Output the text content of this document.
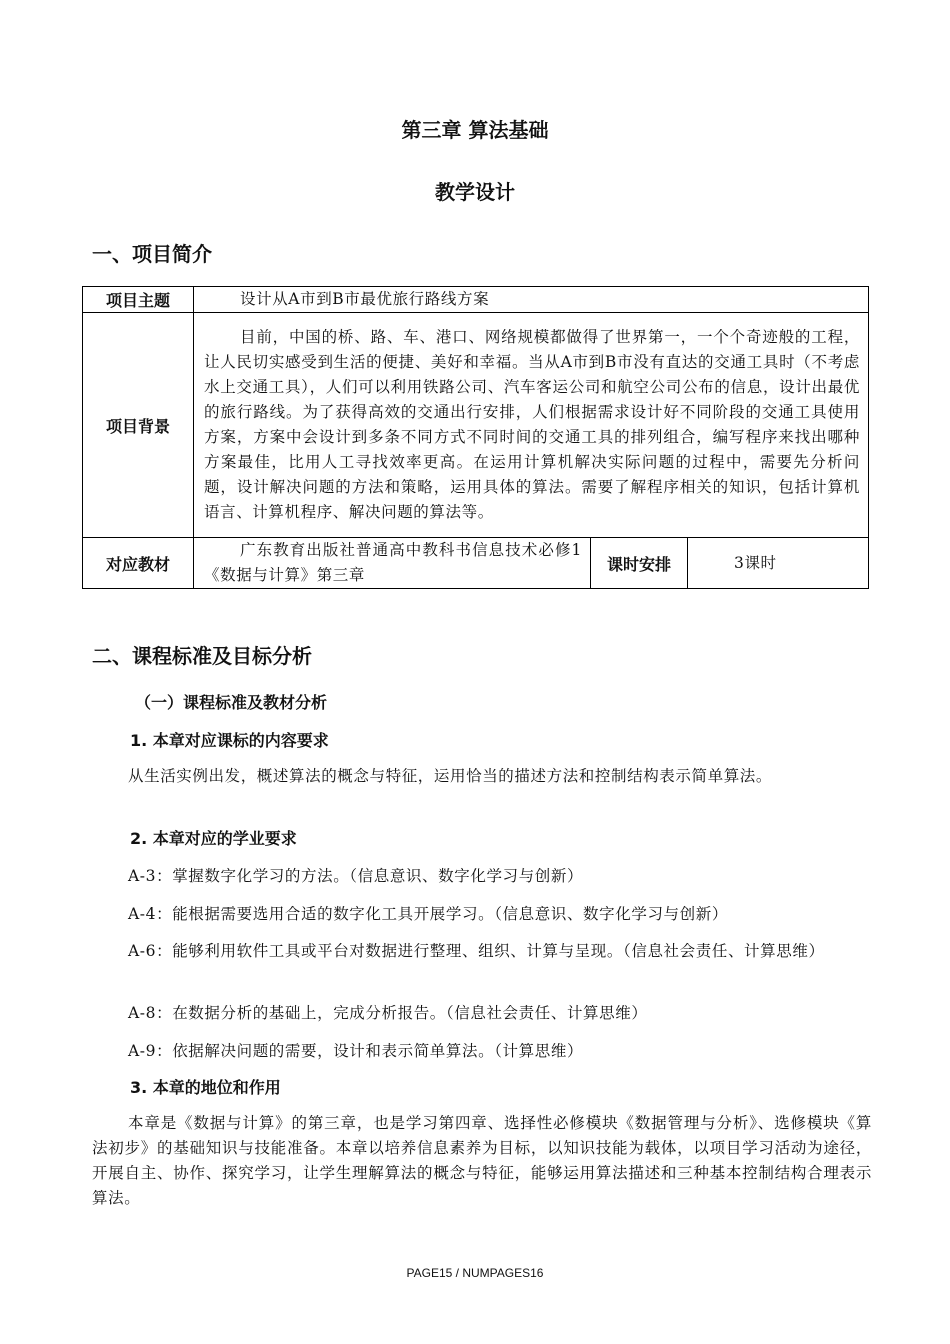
第三章 算法基础
教学设计
一、项目简介
项目主题	设计从A市到B市最优旅行路线方案		

项目背景	目前，中国的桥、路、车、港口、网络规模都做得了世界第一，一个个奇迹般的工程，让人民切实感受到生活的便捷、美好和幸福。当从A市到B市没有直达的交通工具时（不考虑水上交通工具），人们可以利用铁路公司、汽车客运公司和航空公司公布的信息，设计出最优的旅行路线。为了获得高效的交通出行安排，人们根据需求设计好不同阶段的交通工具使用方案，方案中会设计到多条不同方式不同时间的交通工具的排列组合，编写程序来找出哪种方案最佳，比用人工寻找效率更高。在运用计算机解决实际问题的过程中，需要先分析问题，设计解决问题的方法和策略，运用具体的算法。需要了解程序相关的知识，包括计算机语言、计算机程序、解决问题的算法等。		

对应教材	广东教育出版社普通高中教科书信息技术必修1《数据与计算》第三章	课时安排	3课时
二、课程标准及目标分析
（一）课程标准及教材分析
1. 本章对应课标的内容要求
从生活实例出发，概述算法的概念与特征，运用恰当的描述方法和控制结构表示简单算法。
2. 本章对应的学业要求
A-3：掌握数字化学习的方法。（信息意识、数字化学习与创新）
A-4：能根据需要选用合适的数字化工具开展学习。（信息意识、数字化学习与创新）
A-6：能够利用软件工具或平台对数据进行整理、组织、计算与呈现。（信息社会责任、计算思维）
A-8：在数据分析的基础上，完成分析报告。（信息社会责任、计算思维）
A-9：依据解决问题的需要，设计和表示简单算法。（计算思维）
3. 本章的地位和作用
本章是《数据与计算》的第三章，也是学习第四章、选择性必修模块《数据管理与分析》、选修模块《算法初步》的基础知识与技能准备。本章以培养信息素养为目标，以知识技能为载体，以项目学习活动为途径，开展自主、协作、探究学习，让学生理解算法的概念与特征，能够运用算法描述和三种基本控制结构合理表示算法。
PAGE15 / NUMPAGES16
